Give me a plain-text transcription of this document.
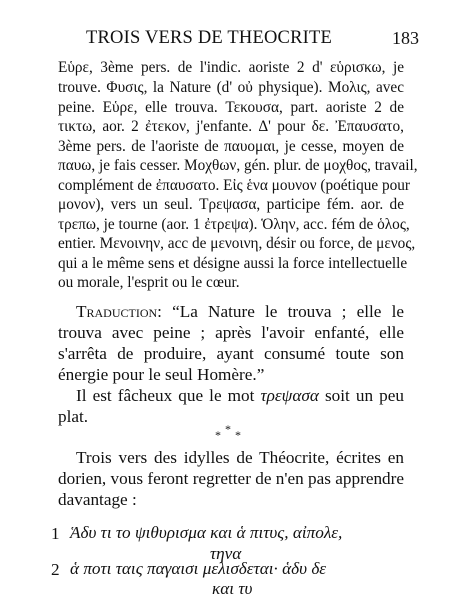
TROIS VERS DE THEOCRITE	183
Εὑρε, 3ème pers. de l'indic. aoriste 2 d' εὑρισκω, je
trouve. Φυσις, la Nature (d' οὐ physique). Μολις, avec
peine. Εὑρε, elle trouva. Τεκουσα, part. aoriste 2 de
τικτω, aor. 2 ἐτεκον, j'enfante. Δ' pour δε. Ἐπαυσατο,
3ème pers. de l'aoriste de παυομαι, je cesse, moyen de
παυω, je fais cesser. Μοχθων, gén. plur. de μοχθος, travail,
complément de ἐπαυσατο. Εἰς ἑνα μουνον (poétique pour
μονον), vers un seul. Τρεψασα, participe fém. aor. de
τρεπω, je tourne (aor. 1 ἐτρεψα). Ὁλην, acc. fém de ὁλος,
entier. Μενοινην, acc de μενοινη, désir ou force, de μενος,
qui a le même sens et désigne aussi la force intellectuelle
ou morale, l'esprit ou le cœur.
Traduction: “La Nature le trouva ; elle le
trouva avec peine ; après l'avoir enfanté, elle
s'arrêta de produire, ayant consumé toute son
énergie pour le seul Homère.”
Il est fâcheux que le mot τρεψασα soit un peu
plat.
***
Trois vers des idylles de Théocrite, écrites en
dorien, vous feront regretter de n'en pas apprendre
davantage :
1 Ἁδυ τι το ψιθυρισμα και ἁ πιτυς, αἰπολε,
τηνα
2 ἁ ποτι ταις παγαισι μελισδεται· ἁδυ δε
και τυ
